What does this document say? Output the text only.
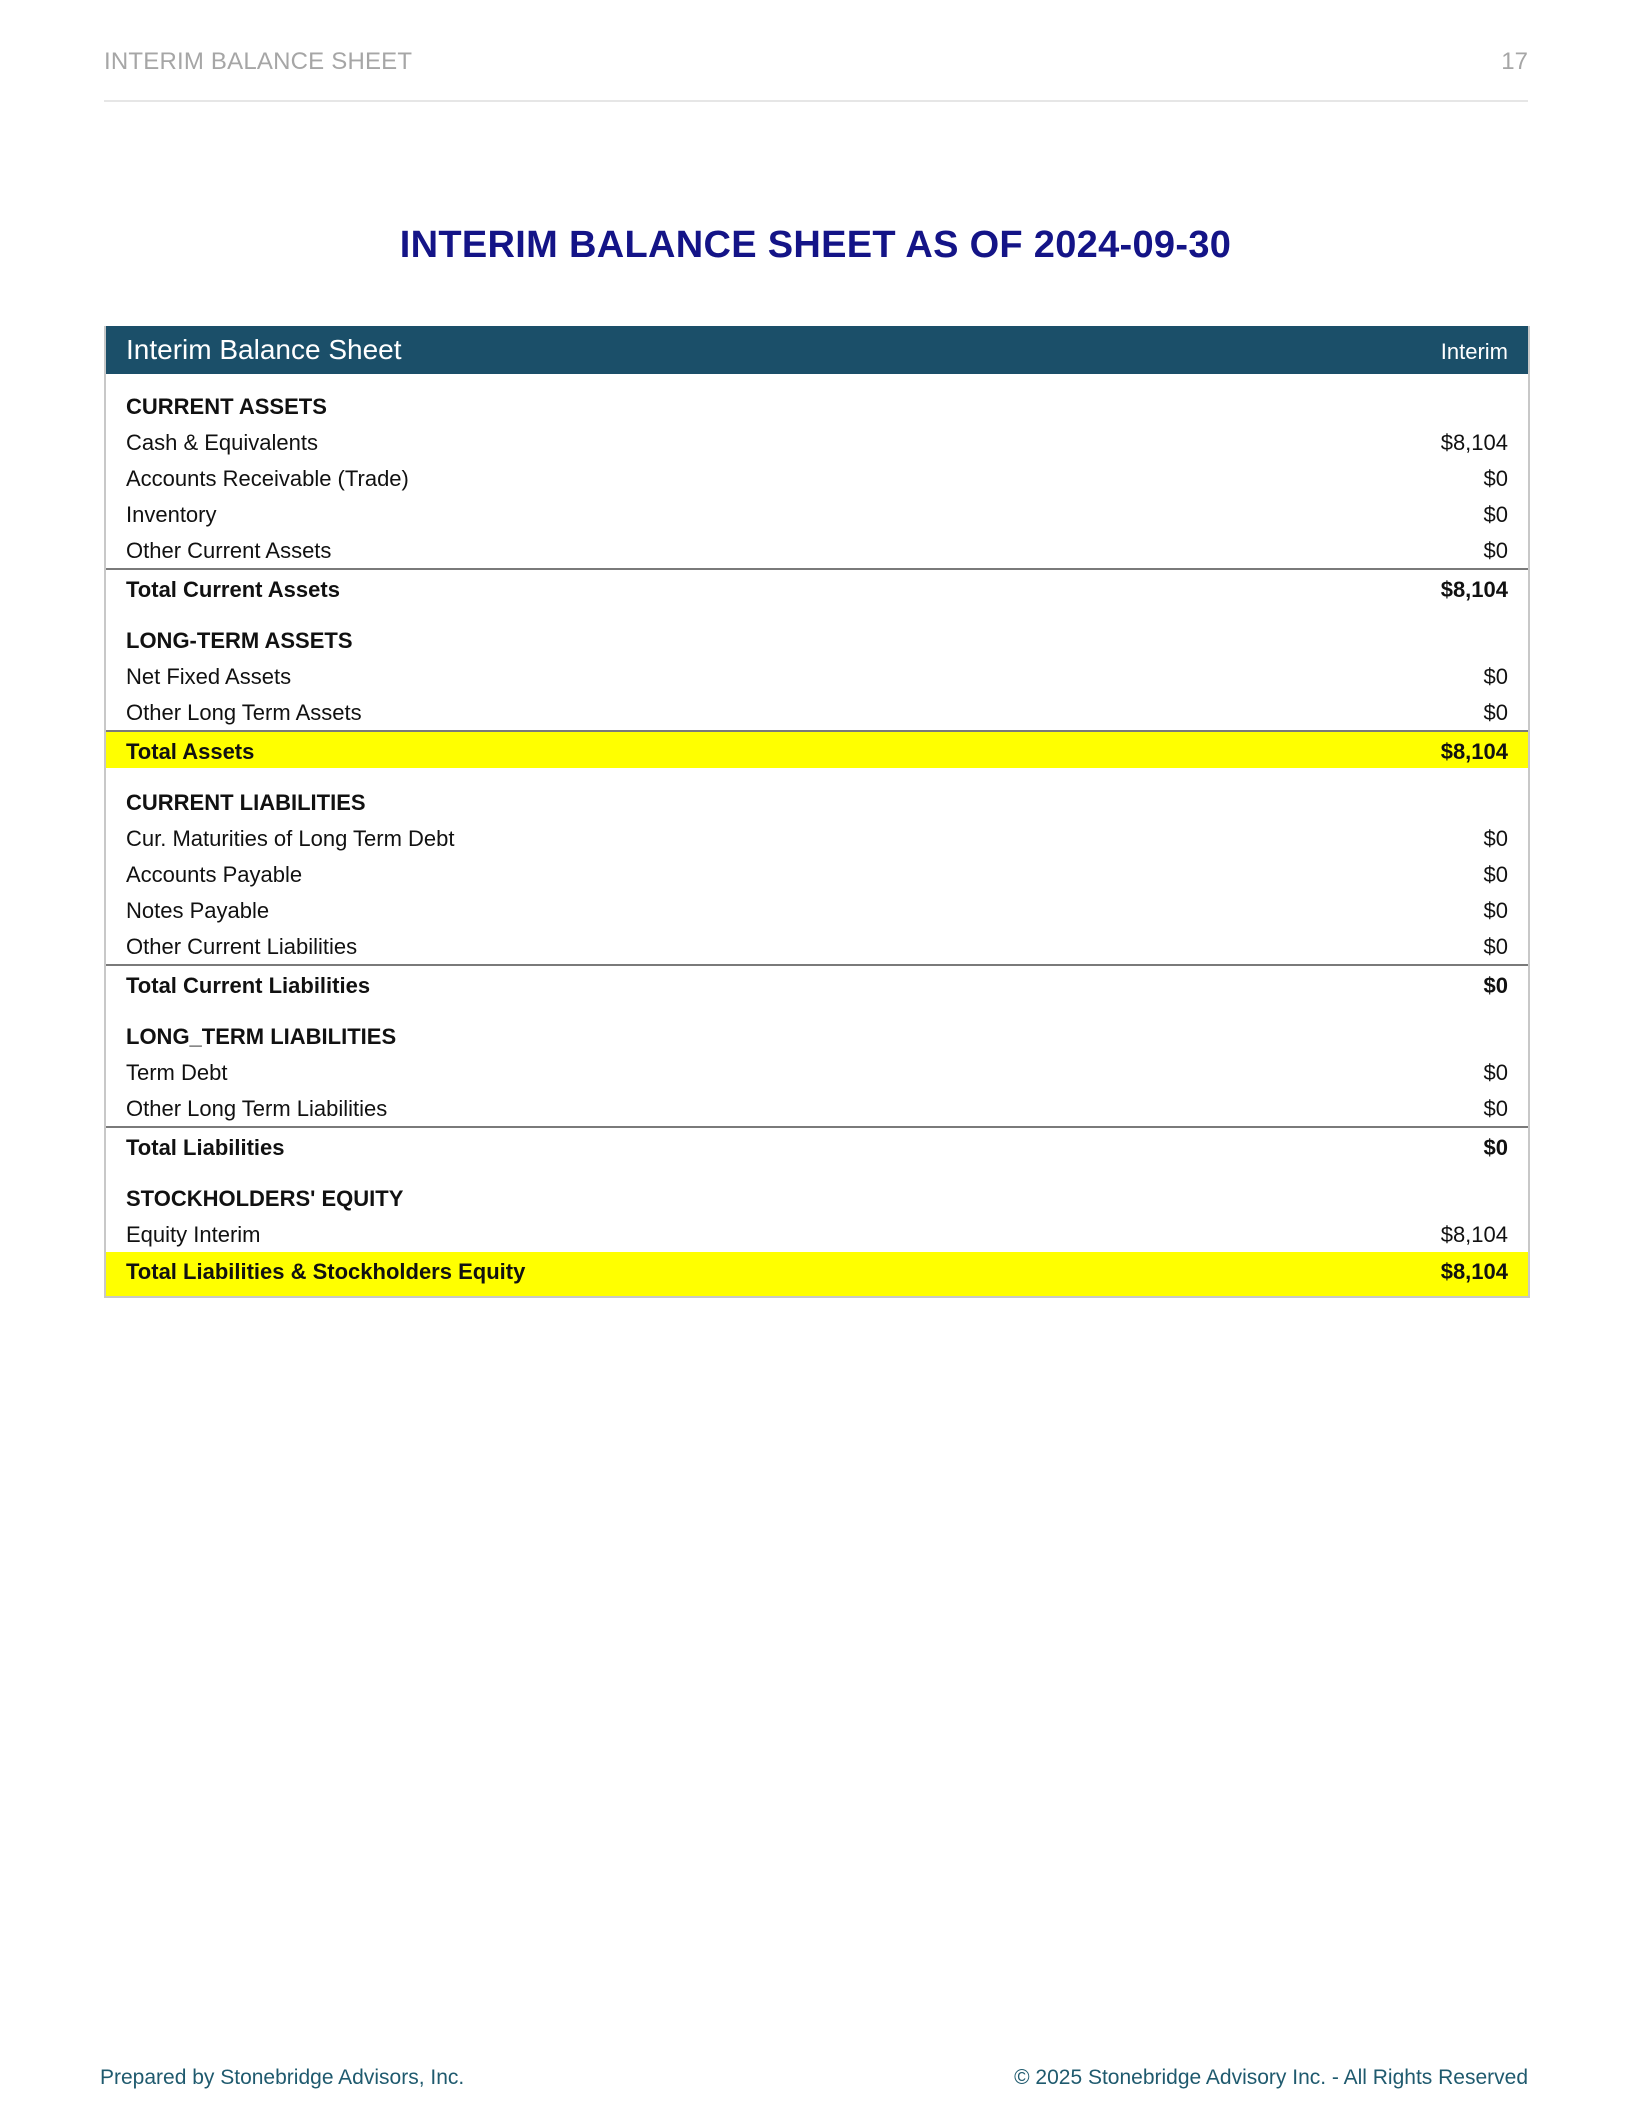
INTERIM BALANCE SHEET	17
INTERIM BALANCE SHEET AS OF 2024-09-30
Interim Balance Sheet	Interim
CURRENT ASSETS
Cash & Equivalents	$8,104
Accounts Receivable (Trade)	$0
Inventory	$0
Other Current Assets	$0
Total Current Assets	$8,104
LONG-TERM ASSETS
Net Fixed Assets	$0
Other Long Term Assets	$0
Total Assets	$8,104
CURRENT LIABILITIES
Cur. Maturities of Long Term Debt	$0
Accounts Payable	$0
Notes Payable	$0
Other Current Liabilities	$0
Total Current Liabilities	$0
LONG_TERM LIABILITIES
Term Debt	$0
Other Long Term Liabilities	$0
Total Liabilities	$0
STOCKHOLDERS' EQUITY
Equity Interim	$8,104
Total Liabilities & Stockholders Equity	$8,104
Prepared by Stonebridge Advisors, Inc.	© 2025 Stonebridge Advisory Inc. - All Rights Reserved
